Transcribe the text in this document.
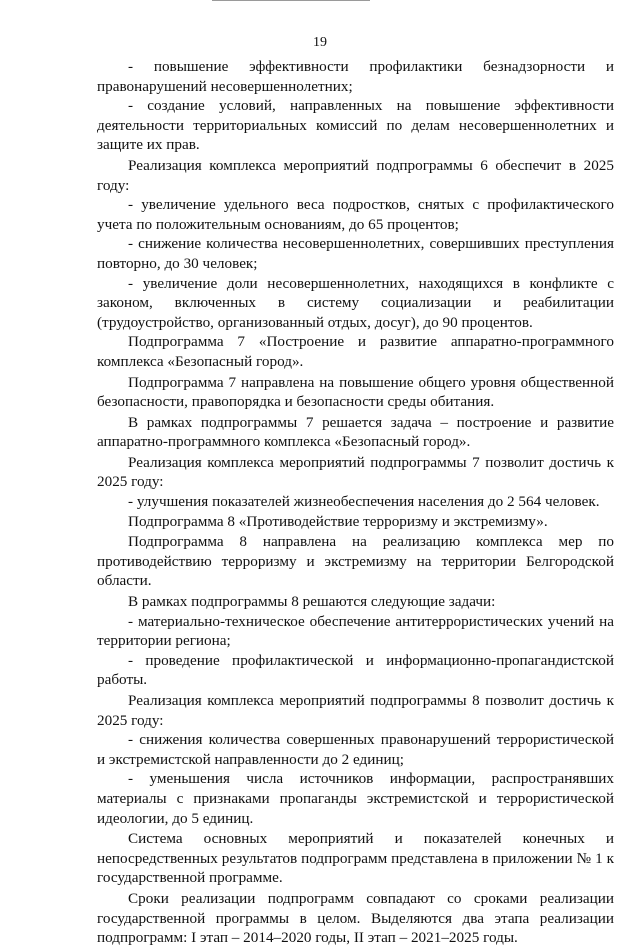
19

- повышение эффективности профилактики безнадзорности и правонарушений несовершеннолетних;

- создание условий, направленных на повышение эффективности деятельности территориальных комиссий по делам несовершеннолетних и защите их прав.

Реализация комплекса мероприятий подпрограммы 6 обеспечит в 2025 году:

- увеличение удельного веса подростков, снятых с профилактического учета по положительным основаниям, до 65 процентов;

- снижение количества несовершеннолетних, совершивших преступления повторно, до 30 человек;

- увеличение доли несовершеннолетних, находящихся в конфликте с законом, включенных в систему социализации и реабилитации (трудоустройство, организованный отдых, досуг), до 90 процентов.

Подпрограмма 7 «Построение и развитие аппаратно-программного комплекса «Безопасный город».

Подпрограмма 7 направлена на повышение общего уровня общественной безопасности, правопорядка и безопасности среды обитания.

В рамках подпрограммы 7 решается задача – построение и развитие аппаратно-программного комплекса «Безопасный город».

Реализация комплекса мероприятий подпрограммы 7 позволит достичь к 2025 году:

- улучшения показателей жизнеобеспечения населения до 2 564 человек.

Подпрограмма 8 «Противодействие терроризму и экстремизму».

Подпрограмма 8 направлена на реализацию комплекса мер по противодействию терроризму и экстремизму на территории Белгородской области.

В рамках подпрограммы 8 решаются следующие задачи:

- материально-техническое обеспечение антитеррористических учений на территории региона;

- проведение профилактической и информационно-пропагандистской работы.

Реализация комплекса мероприятий подпрограммы 8 позволит достичь к 2025 году:

- снижения количества совершенных правонарушений террористической и экстремистской направленности до 2 единиц;

- уменьшения числа источников информации, распространявших материалы с признаками пропаганды экстремистской и террористической идеологии, до 5 единиц.

Система основных мероприятий и показателей конечных и непосредственных результатов подпрограмм представлена в приложении № 1 к государственной программе.

Сроки реализации подпрограмм совпадают со сроками реализации государственной программы в целом. Выделяются два этапа реализации подпрограмм: I этап – 2014–2020 годы, II этап – 2021–2025 годы.
